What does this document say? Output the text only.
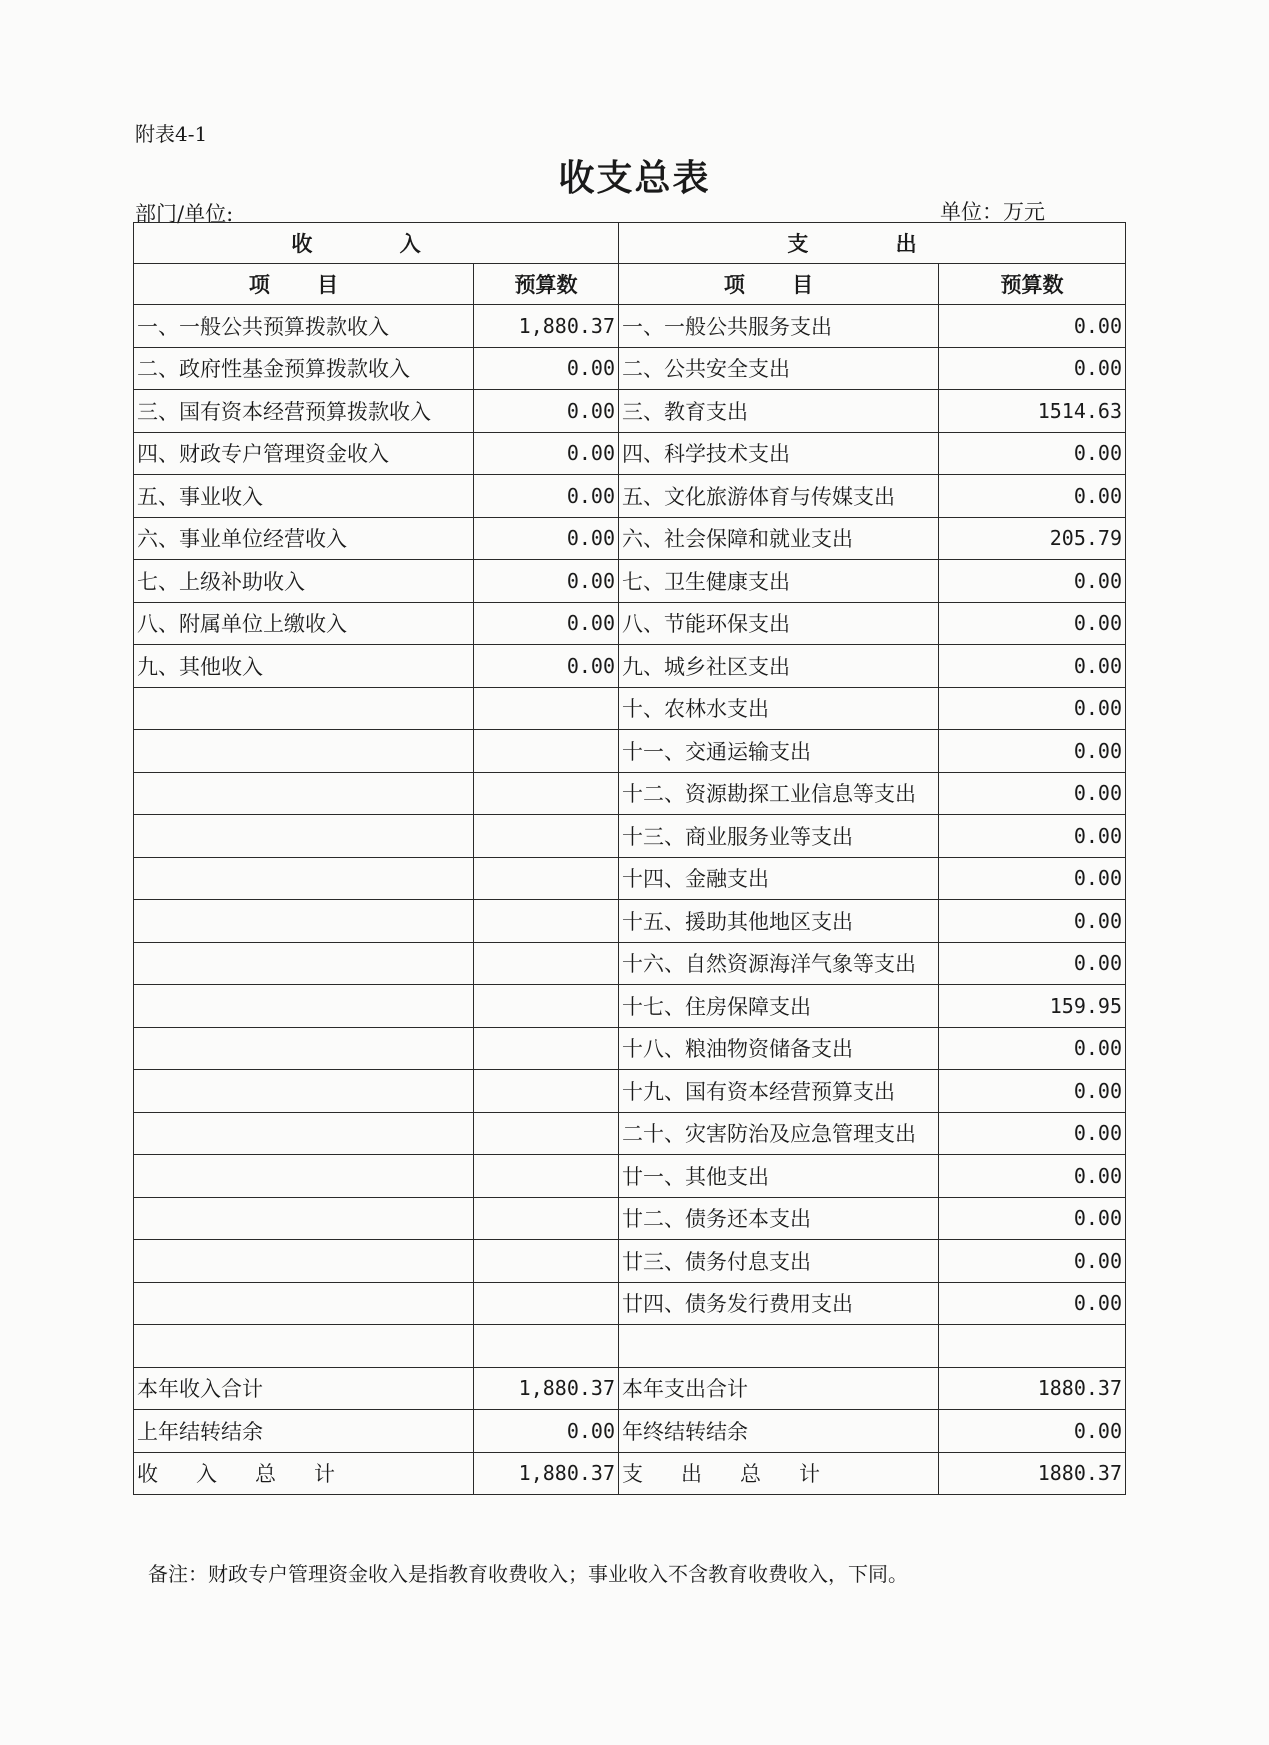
附表4-1
收支总表
部门/单位:	单位：万元
收 入		支 出	
项 目	预算数	项 目	预算数
一、一般公共预算拨款收入	1,880.37	一、一般公共服务支出	0.00
二、政府性基金预算拨款收入	0.00	二、公共安全支出	0.00
三、国有资本经营预算拨款收入	0.00	三、教育支出	1514.63
四、财政专户管理资金收入	0.00	四、科学技术支出	0.00
五、事业收入	0.00	五、文化旅游体育与传媒支出	0.00
六、事业单位经营收入	0.00	六、社会保障和就业支出	205.79
七、上级补助收入	0.00	七、卫生健康支出	0.00
八、附属单位上缴收入	0.00	八、节能环保支出	0.00
九、其他收入	0.00	九、城乡社区支出	0.00
		十、农林水支出	0.00
		十一、交通运输支出	0.00
		十二、资源勘探工业信息等支出	0.00
		十三、商业服务业等支出	0.00
		十四、金融支出	0.00
		十五、援助其他地区支出	0.00
		十六、自然资源海洋气象等支出	0.00
		十七、住房保障支出	159.95
		十八、粮油物资储备支出	0.00
		十九、国有资本经营预算支出	0.00
		二十、灾害防治及应急管理支出	0.00
		廿一、其他支出	0.00
		廿二、债务还本支出	0.00
		廿三、债务付息支出	0.00
		廿四、债务发行费用支出	0.00

本年收入合计	1,880.37	本年支出合计	1880.37
上年结转结余	0.00	年终结转结余	0.00
收入总计	1,880.37	支出总计	1880.37
备注：财政专户管理资金收入是指教育收费收入；事业收入不含教育收费收入，下同。
